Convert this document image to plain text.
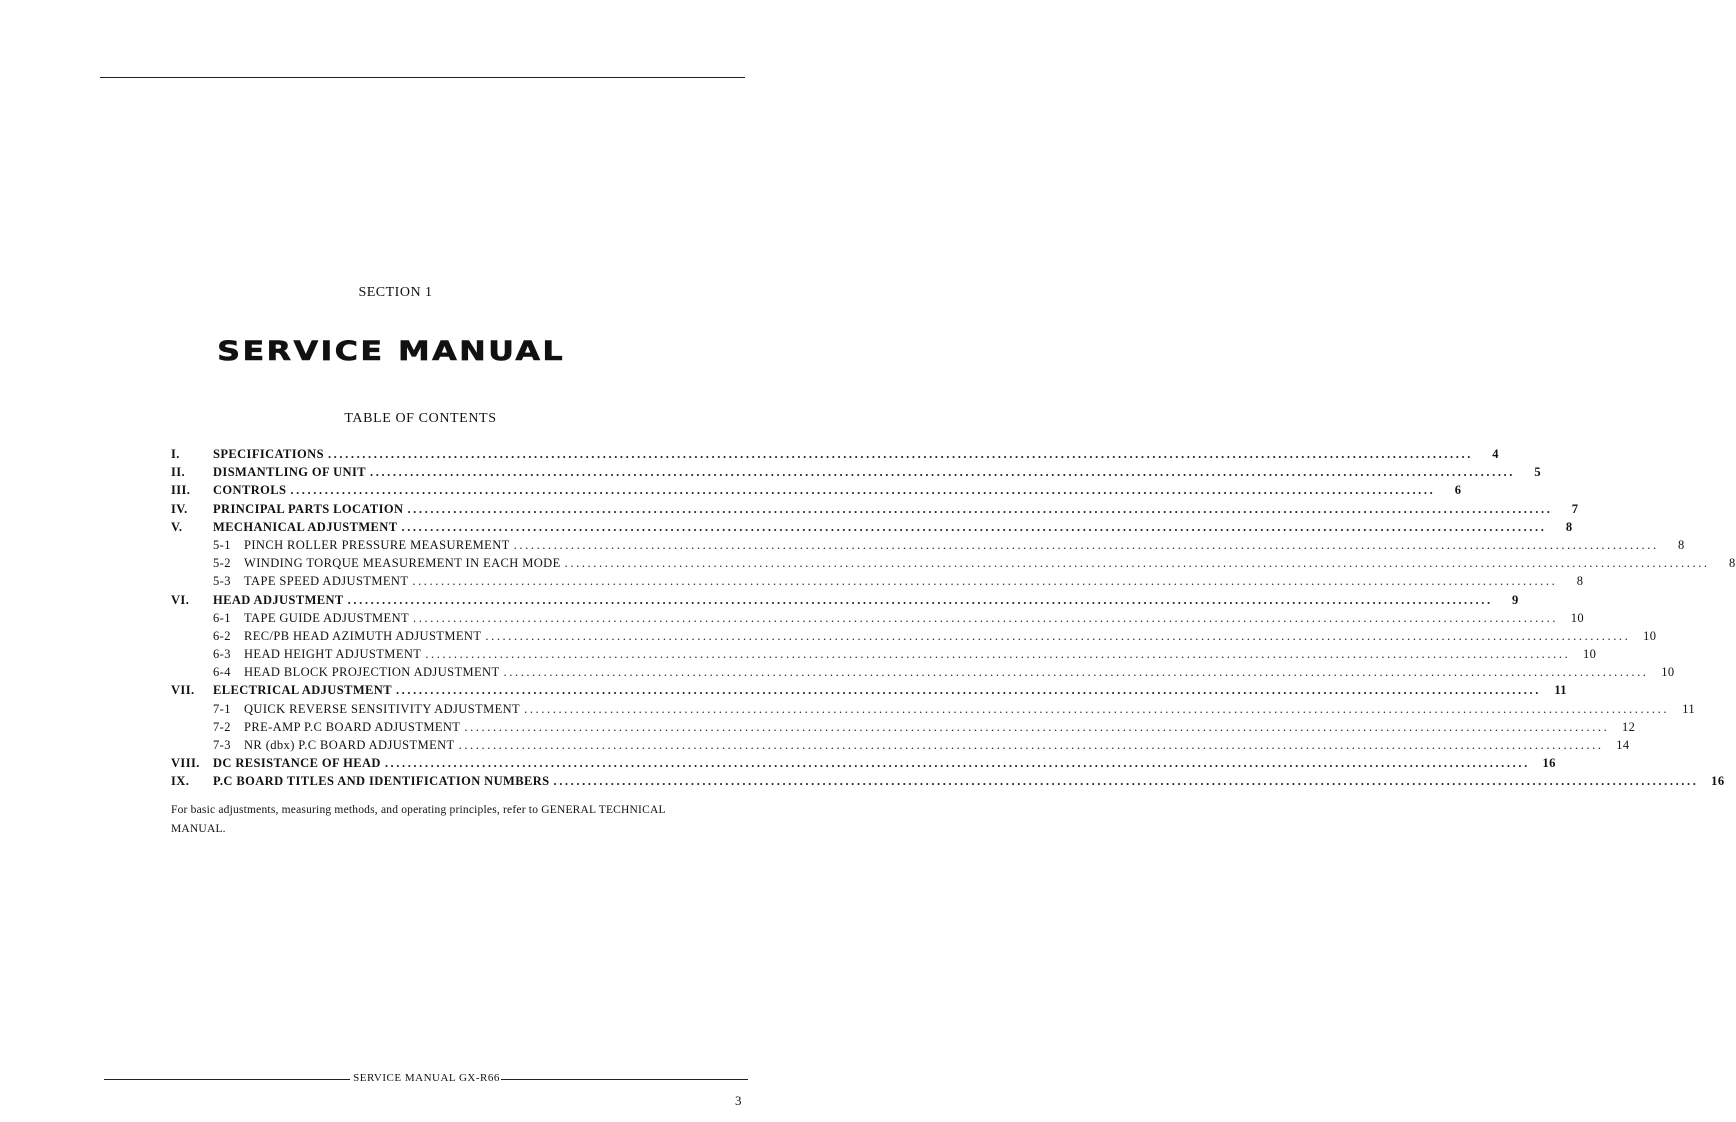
SECTION 1
SERVICE MANUAL
TABLE OF CONTENTS
I.	SPECIFICATIONS ........................................................................................................................................................................................................	4
II.	DISMANTLING OF UNIT ........................................................................................................................................................................................................	5
III.	CONTROLS ........................................................................................................................................................................................................	6
IV.	PRINCIPAL PARTS LOCATION ........................................................................................................................................................................................................	7
V.	MECHANICAL ADJUSTMENT ........................................................................................................................................................................................................	8
5-1	PINCH ROLLER PRESSURE MEASUREMENT ........................................................................................................................................................................................................	8
5-2	WINDING TORQUE MEASUREMENT IN EACH MODE ........................................................................................................................................................................................................	8
5-3	TAPE SPEED ADJUSTMENT ........................................................................................................................................................................................................	8
VI.	HEAD ADJUSTMENT ........................................................................................................................................................................................................	9
6-1	TAPE GUIDE ADJUSTMENT ........................................................................................................................................................................................................	10
6-2	REC/PB HEAD AZIMUTH ADJUSTMENT ........................................................................................................................................................................................................	10
6-3	HEAD HEIGHT ADJUSTMENT ........................................................................................................................................................................................................	10
6-4	HEAD BLOCK PROJECTION ADJUSTMENT ........................................................................................................................................................................................................	10
VII.	ELECTRICAL ADJUSTMENT ........................................................................................................................................................................................................	11
7-1	QUICK REVERSE SENSITIVITY ADJUSTMENT ........................................................................................................................................................................................................	11
7-2	PRE-AMP P.C BOARD ADJUSTMENT ........................................................................................................................................................................................................	12
7-3	NR (dbx) P.C BOARD ADJUSTMENT ........................................................................................................................................................................................................	14
VIII.	DC RESISTANCE OF HEAD ........................................................................................................................................................................................................	16
IX.	P.C BOARD TITLES AND IDENTIFICATION NUMBERS ........................................................................................................................................................................................................	16
For basic adjustments, measuring methods, and operating principles, refer to GENERAL TECHNICAL MANUAL.
SERVICE MANUAL GX-R66
3
